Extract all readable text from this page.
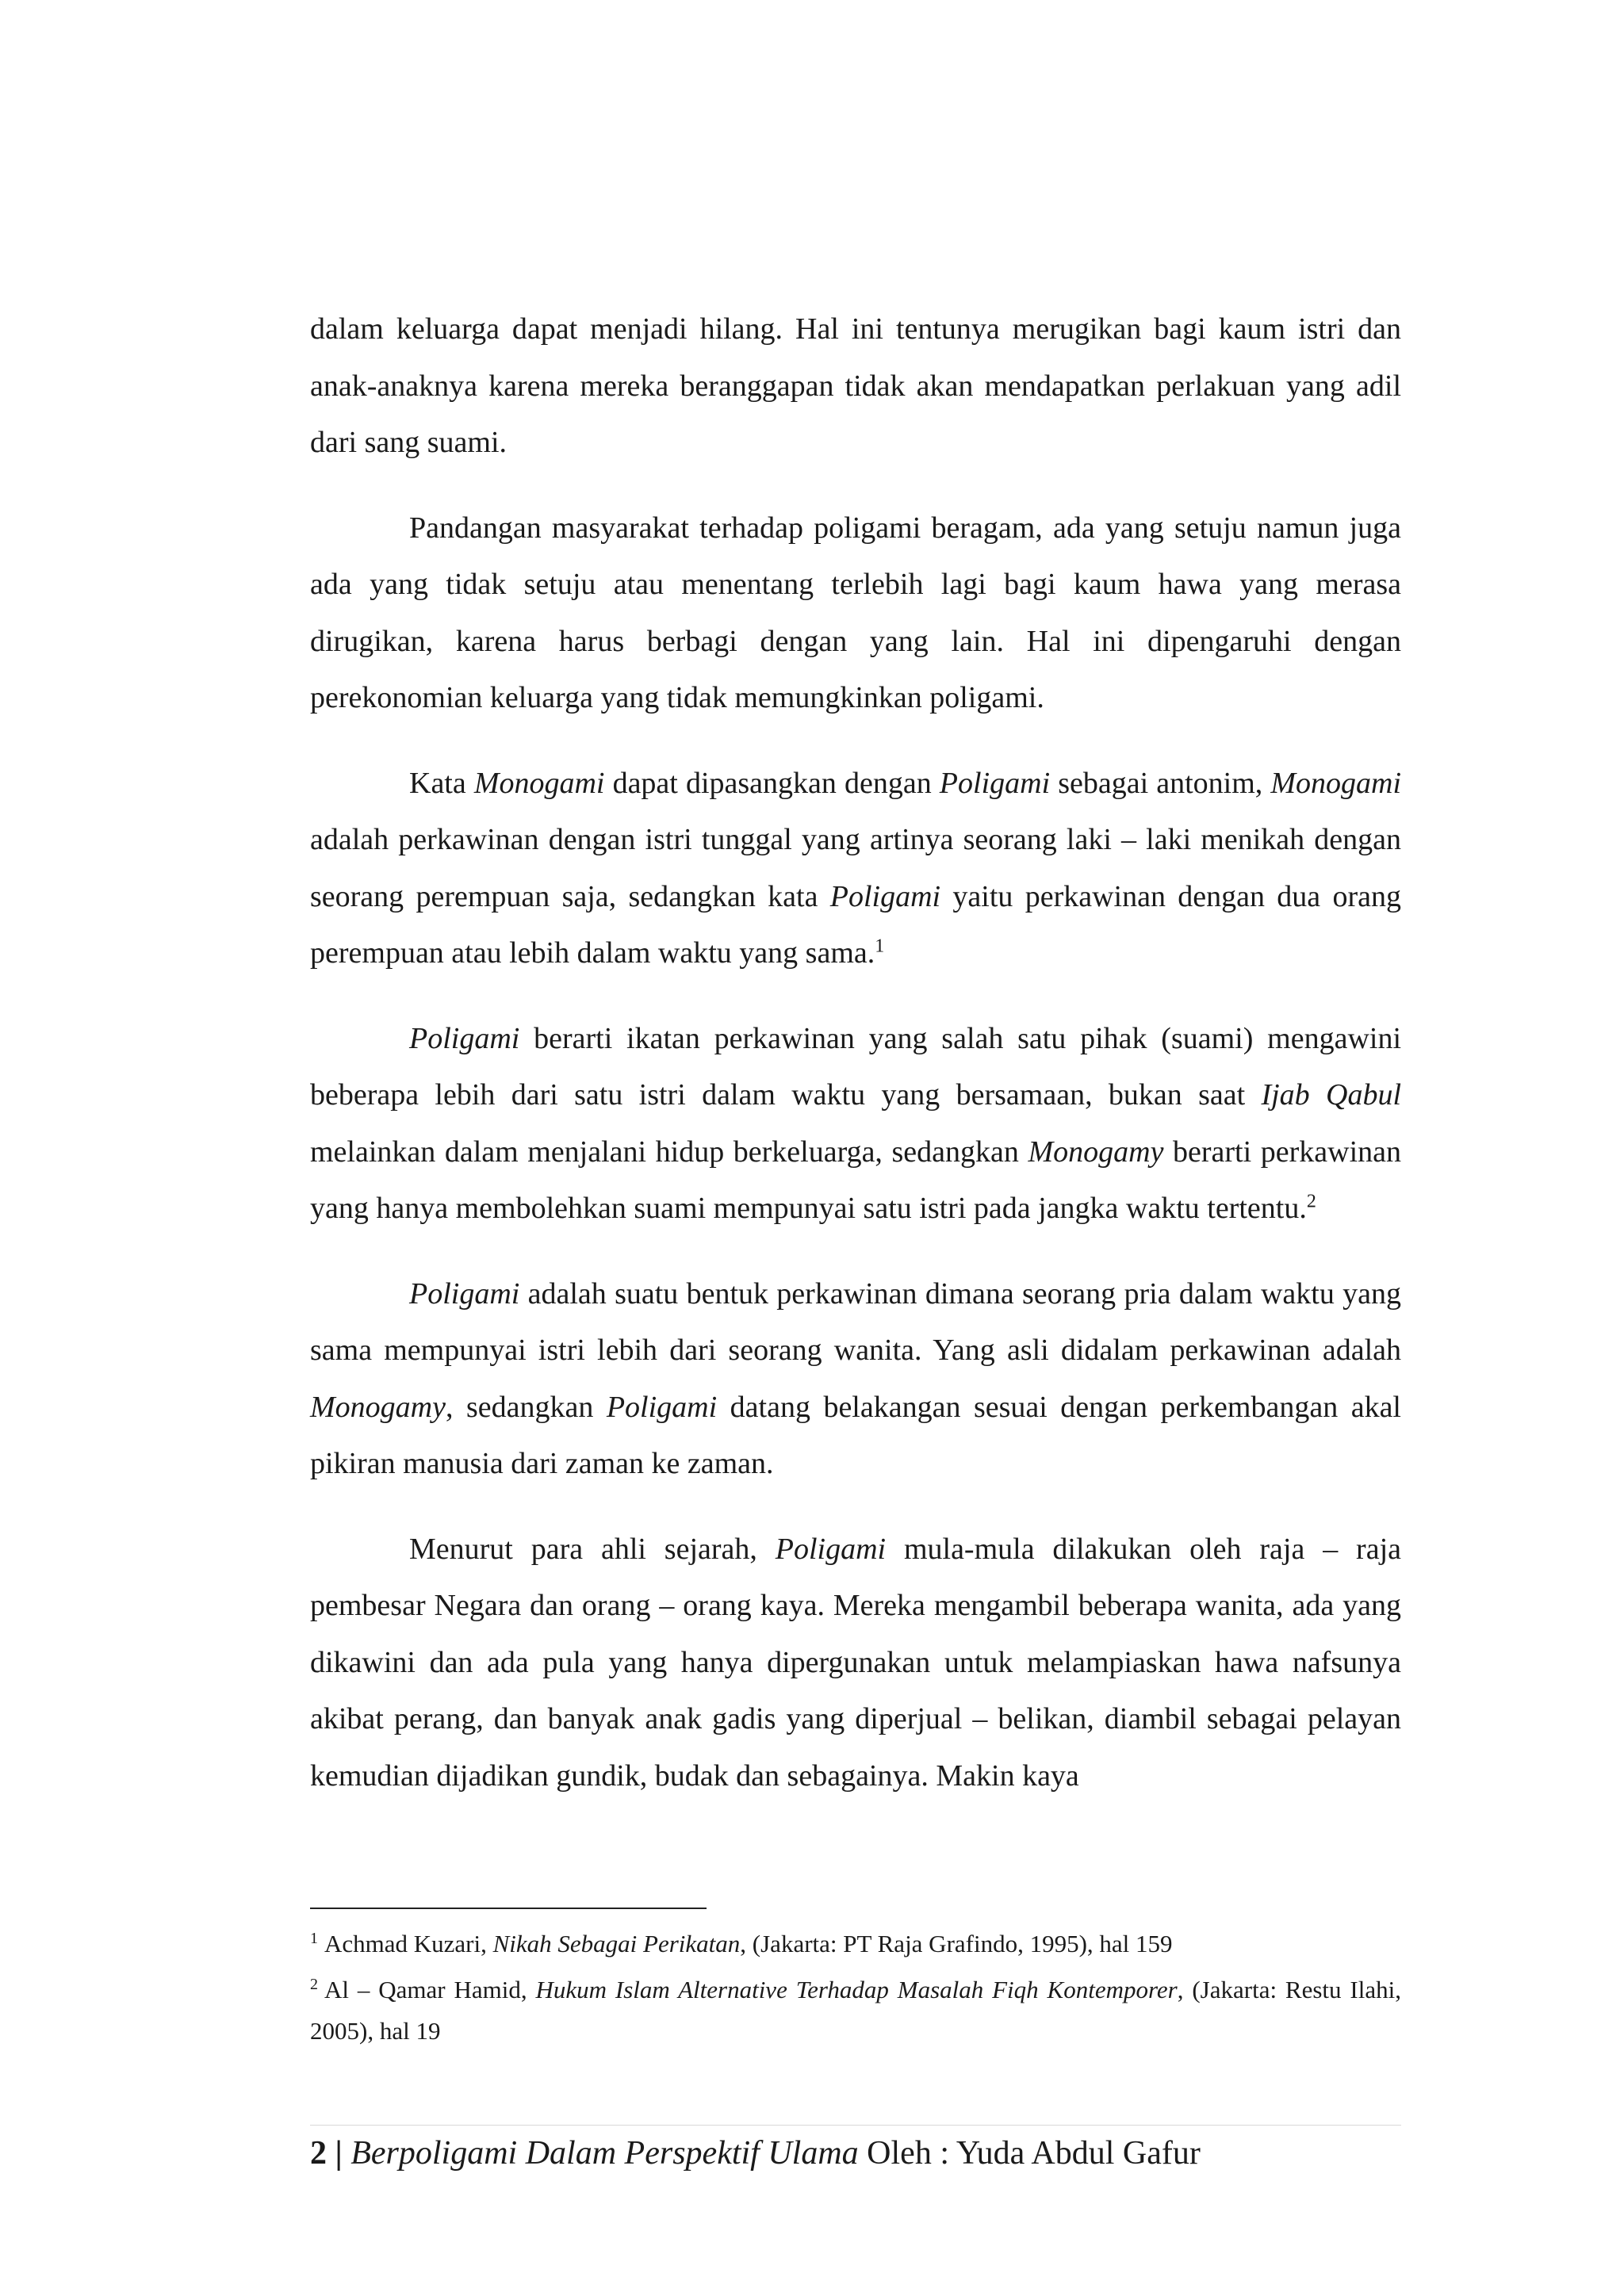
dalam keluarga dapat menjadi hilang. Hal ini tentunya merugikan bagi kaum istri dan anak-anaknya karena mereka beranggapan tidak akan mendapatkan perlakuan yang adil dari sang suami.

Pandangan masyarakat terhadap poligami beragam, ada yang setuju namun juga ada yang tidak setuju atau menentang terlebih lagi bagi kaum hawa yang merasa dirugikan, karena harus berbagi dengan yang lain. Hal ini dipengaruhi dengan perekonomian keluarga yang tidak memungkinkan poligami.

Kata Monogami dapat dipasangkan dengan Poligami sebagai antonim, Monogami adalah perkawinan dengan istri tunggal yang artinya seorang laki – laki menikah dengan seorang perempuan saja, sedangkan kata Poligami yaitu perkawinan dengan dua orang perempuan atau lebih dalam waktu yang sama.$^1$

Poligami berarti ikatan perkawinan yang salah satu pihak (suami) mengawini beberapa lebih dari satu istri dalam waktu yang bersamaan, bukan saat Ijab Qabul melainkan dalam menjalani hidup berkeluarga, sedangkan Monogamy berarti perkawinan yang hanya membolehkan suami mempunyai satu istri pada jangka waktu tertentu.$^2$

Poligami adalah suatu bentuk perkawinan dimana seorang pria dalam waktu yang sama mempunyai istri lebih dari seorang wanita. Yang asli didalam perkawinan adalah Monogamy, sedangkan Poligami datang belakangan sesuai dengan perkembangan akal pikiran manusia dari zaman ke zaman.

Menurut para ahli sejarah, Poligami mula-mula dilakukan oleh raja – raja pembesar Negara dan orang – orang kaya. Mereka mengambil beberapa wanita, ada yang dikawini dan ada pula yang hanya dipergunakan untuk melampiaskan hawa nafsunya akibat perang, dan banyak anak gadis yang diperjual – belikan, diambil sebagai pelayan kemudian dijadikan gundik, budak dan sebagainya. Makin kaya

$^1$ Achmad Kuzari, Nikah Sebagai Perikatan, (Jakarta: PT Raja Grafindo, 1995), hal 159

$^2$ Al – Qamar Hamid, Hukum Islam Alternative Terhadap Masalah Fiqh Kontemporer, (Jakarta: Restu Ilahi, 2005), hal 19

2 | Berpoligami Dalam Perspektif Ulama Oleh : Yuda Abdul Gafur
